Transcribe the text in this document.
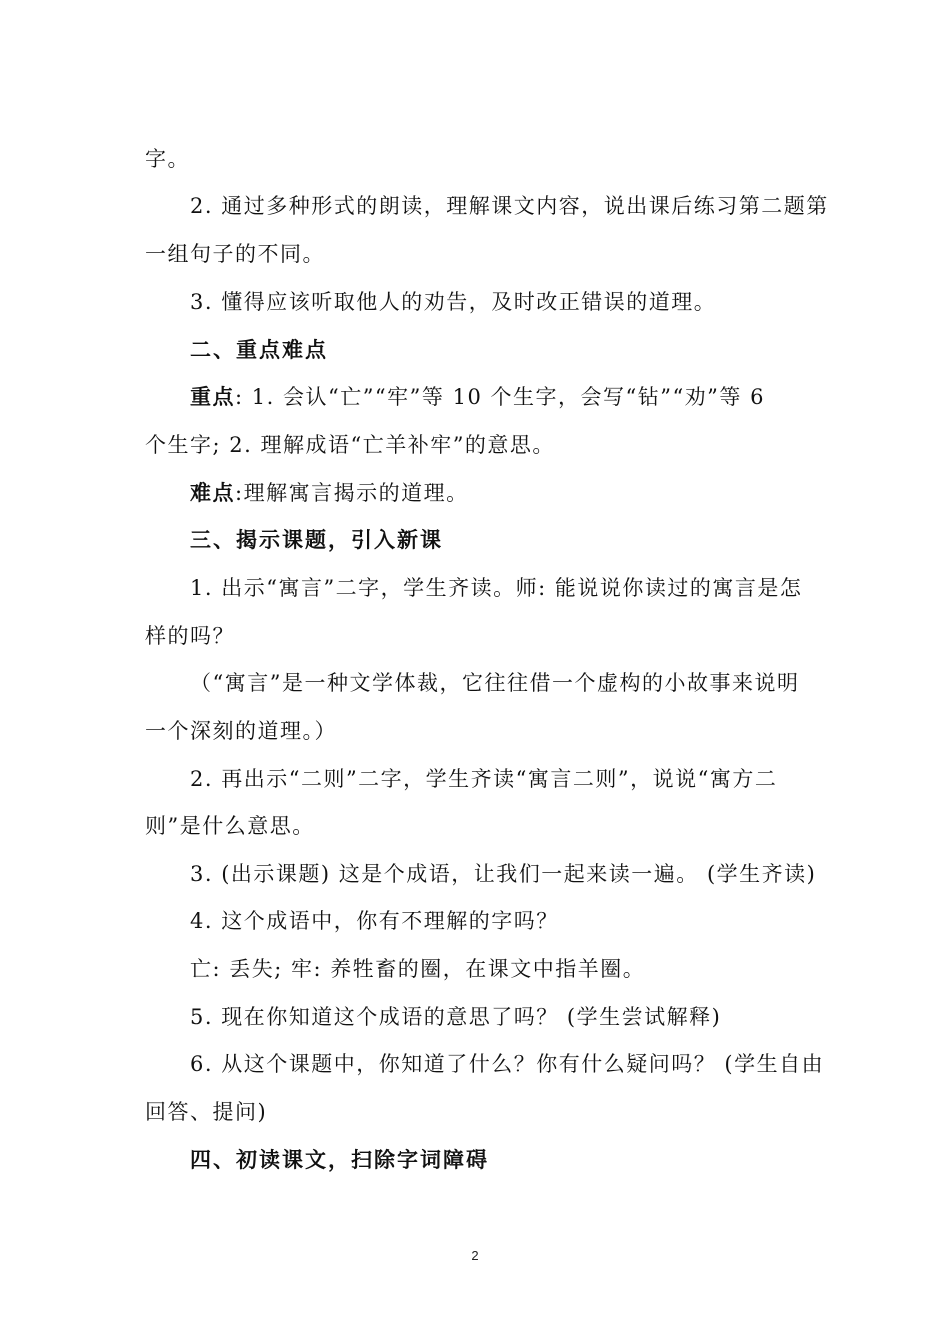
字。
2. 通过多种形式的朗读，理解课文内容，说出课后练习第二题第
一组句子的不同。
3. 懂得应该听取他人的劝告，及时改正错误的道理。
二、重点难点
重点: 1. 会认“亡”“牢”等 10 个生字，会写“钻”“劝”等 6
个生字; 2. 理解成语“亡羊补牢”的意思。
难点:理解寓言揭示的道理。
三、揭示课题，引入新课
1. 出示“寓言”二字，学生齐读。师: 能说说你读过的寓言是怎
样的吗？
（“寓言”是一种文学体裁，它往往借一个虚构的小故事来说明
一个深刻的道理。）
2. 再出示“二则”二字，学生齐读“寓言二则”，说说“寓方二
则”是什么意思。
3. (出示课题) 这是个成语，让我们一起来读一遍。 (学生齐读)
4. 这个成语中，你有不理解的字吗？
亡: 丢失; 牢: 养牲畜的圈，在课文中指羊圈。
5. 现在你知道这个成语的意思了吗？ (学生尝试解释)
6. 从这个课题中，你知道了什么？你有什么疑问吗？ (学生自由
回答、提问)
四、初读课文，扫除字词障碍
2
